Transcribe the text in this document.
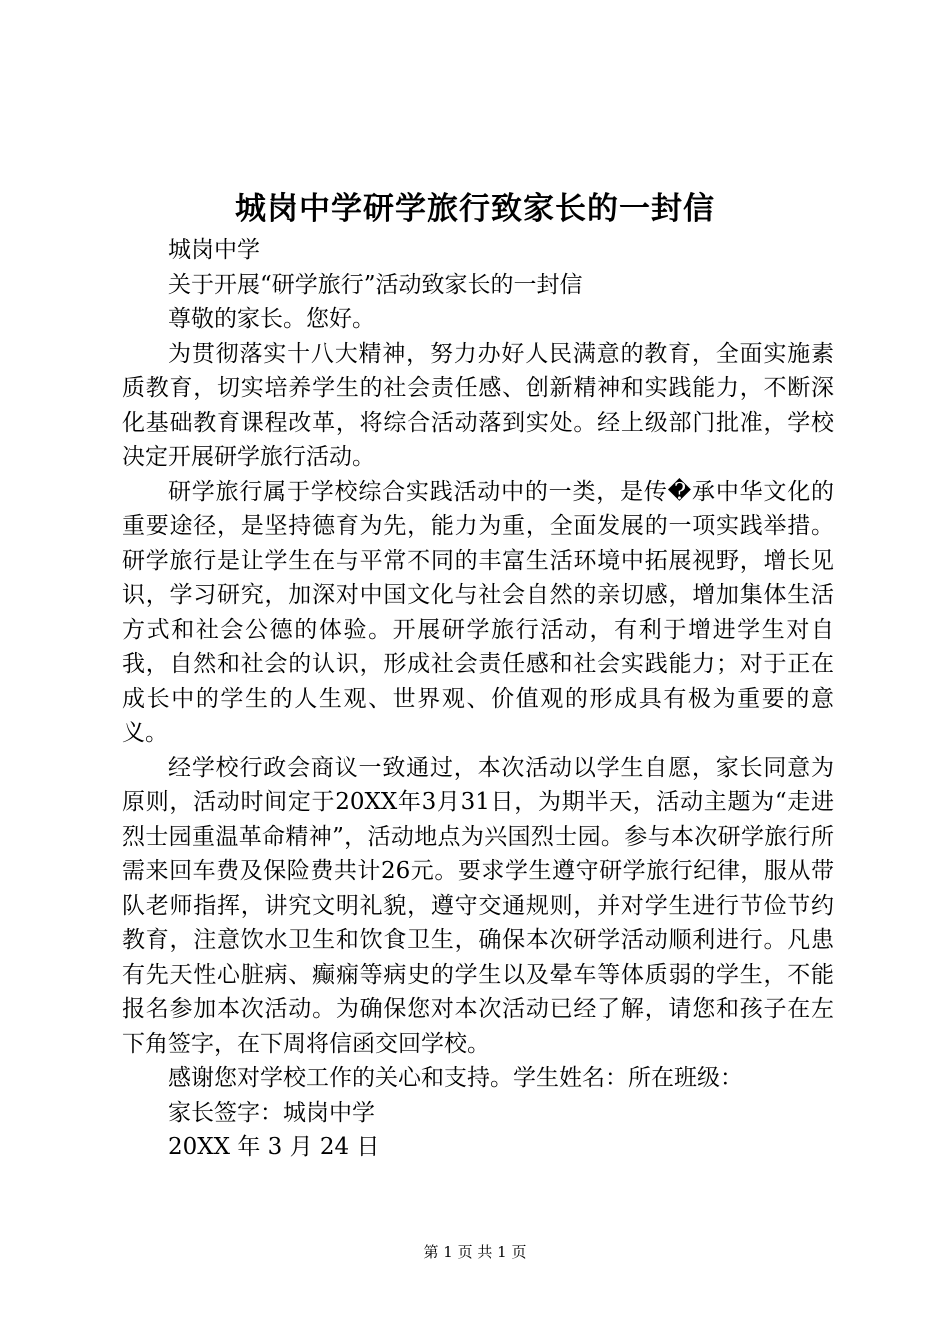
城岗中学研学旅行致家长的一封信

城岗中学

关于开展“研学旅行”活动致家长的一封信

尊敬的家长。您好。

为贯彻落实十八大精神，努力办好人民满意的教育，全面实施素质教育，切实培养学生的社会责任感、创新精神和实践能力，不断深化基础教育课程改革，将综合活动落到实处。经上级部门批准，学校决定开展研学旅行活动。

研学旅行属于学校综合实践活动中的一类，是传�承中华文化的重要途径，是坚持德育为先，能力为重，全面发展的一项实践举措。研学旅行是让学生在与平常不同的丰富生活环境中拓展视野，增长见识，学习研究，加深对中国文化与社会自然的亲切感，增加集体生活方式和社会公德的体验。开展研学旅行活动，有利于增进学生对自我，自然和社会的认识，形成社会责任感和社会实践能力；对于正在成长中的学生的人生观、世界观、价值观的形成具有极为重要的意义。

经学校行政会商议一致通过，本次活动以学生自愿，家长同意为原则，活动时间定于20XX年3月31日，为期半天，活动主题为“走进烈士园重温革命精神”，活动地点为兴国烈士园。参与本次研学旅行所需来回车费及保险费共计26元。要求学生遵守研学旅行纪律，服从带队老师指挥，讲究文明礼貌，遵守交通规则，并对学生进行节俭节约教育，注意饮水卫生和饮食卫生，确保本次研学活动顺利进行。凡患有先天性心脏病、癫痫等病史的学生以及晕车等体质弱的学生，不能报名参加本次活动。为确保您对本次活动已经了解，请您和孩子在左下角签字，在下周将信函交回学校。

感谢您对学校工作的关心和支持。学生姓名：所在班级：

家长签字：城岗中学

20XX 年 3 月 24 日

第 1 页 共 1 页
